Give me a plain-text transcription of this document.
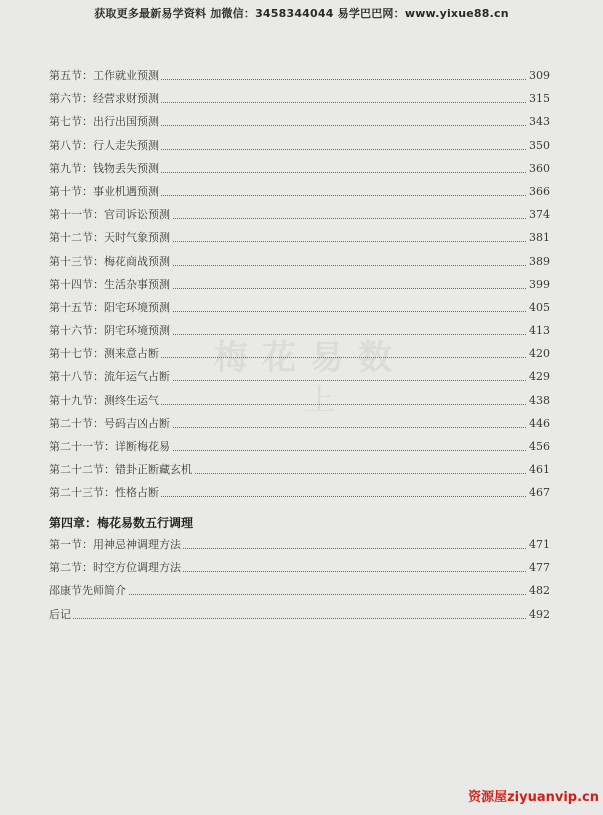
获取更多最新易学资料 加微信：3458344044 易学巴巴网：www.yixue88.cn
梅花易数
上
第五节：工作就业预测	309
第六节：经营求财预测	315
第七节：出行出国预测	343
第八节：行人走失预测	350
第九节：钱物丢失预测	360
第十节：事业机遇预测	366
第十一节：官司诉讼预测	374
第十二节：天时气象预测	381
第十三节：梅花商战预测	389
第十四节：生活杂事预测	399
第十五节：阳宅环境预测	405
第十六节：阴宅环境预测	413
第十七节：测来意占断	420
第十八节：流年运气占断	429
第十九节：测终生运气	438
第二十节：号码吉凶占断	446
第二十一节：详断梅花易	456
第二十二节：错卦正断藏玄机	461
第二十三节：性格占断	467
第四章：梅花易数五行调理
第一节：用神忌神调理方法	471
第二节：时空方位调理方法	477
邵康节先师简介	482
后记	492
资源屋ziyuanvip.cn
